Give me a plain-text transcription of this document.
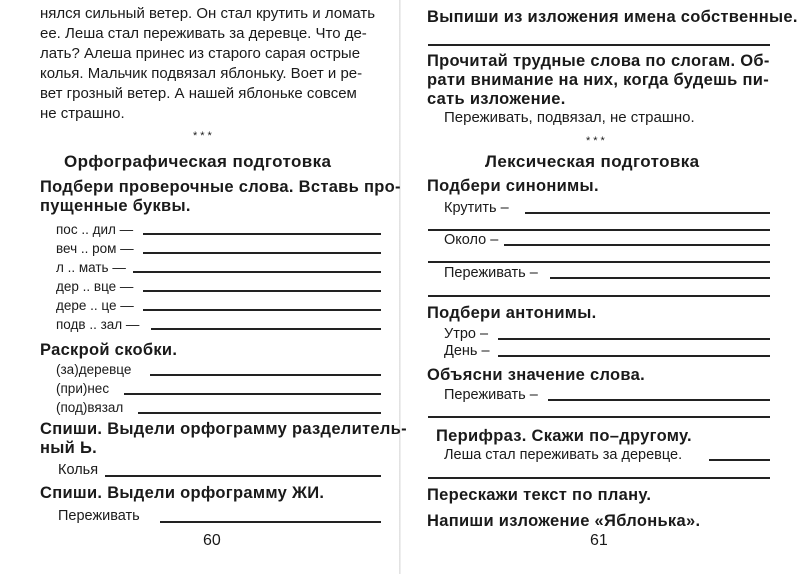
нялся сильный ветер. Он стал крутить и ломать
ее. Леша стал переживать за деревце. Что де-
лать? Алеша принес из старого сарая острые
колья. Мальчик подвязал яблоньку. Воет и ре-
вет грозный ветер. А нашей яблоньке совсем
не страшно.
***
Орфографическая подготовка
Подбери проверочные слова. Вставь про-
пущенные буквы.
пос .. дил —
веч .. ром —
л .. мать —
дер .. вце —
дере .. це —
подв .. зал —
Раскрой скобки.
(за)деревце
(при)нес
(под)вязал
Спиши. Выдели орфограмму разделитель-
ный Ь.
Колья
Спиши. Выдели орфограмму ЖИ.
Переживать
60
Выпиши из изложения имена собственные.
Прочитай трудные слова по слогам. Об-
рати внимание на них, когда будешь пи-
сать изложение.
Переживать, подвязал, не страшно.
***
Лексическая подготовка
Подбери синонимы.
Крутить –
Около –
Переживать –
Подбери антонимы.
Утро –
День –
Объясни значение слова.
Переживать –
Перифраз. Скажи по–другому.
Леша стал переживать за деревце.
Перескажи текст по плану.
Напиши изложение «Яблонька».
61
